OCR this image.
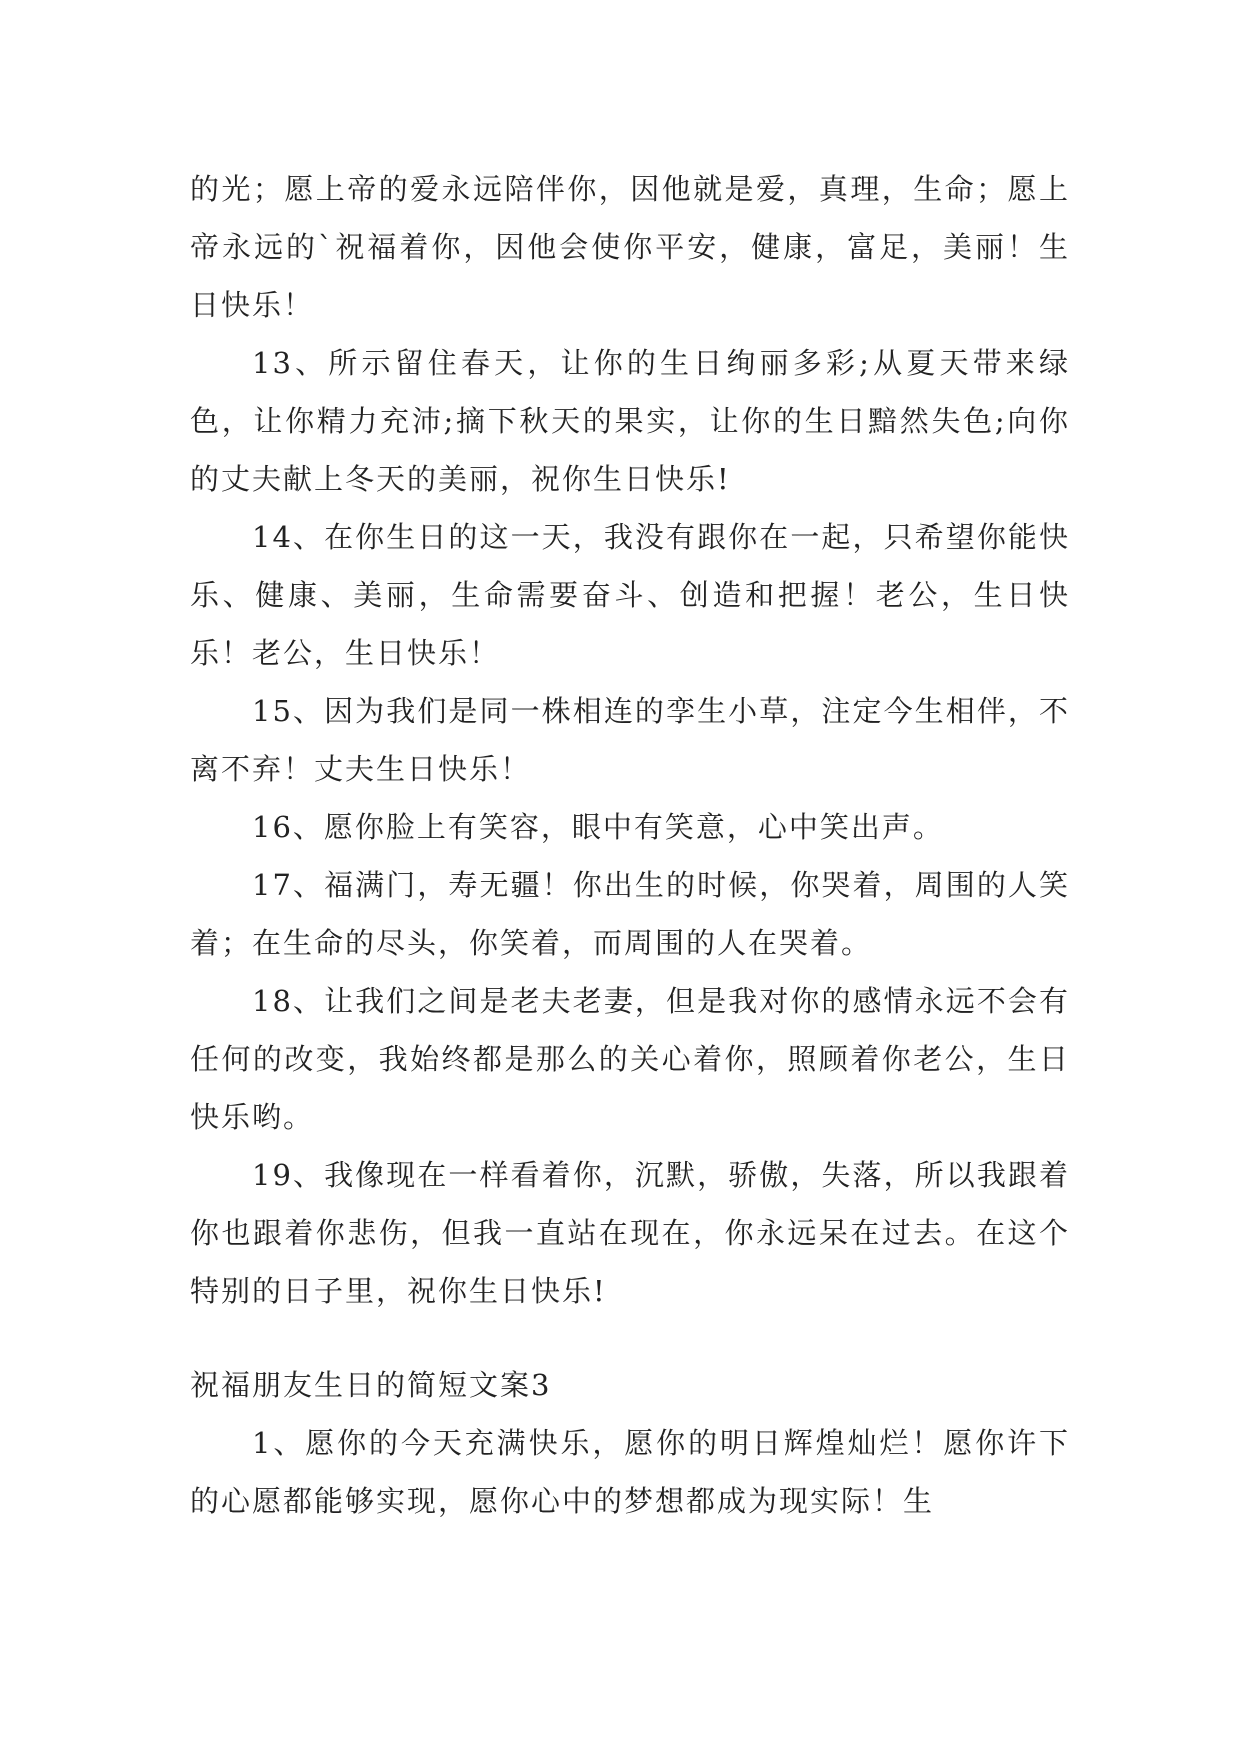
的光；愿上帝的爱永远陪伴你，因他就是爱，真理，生命；愿上帝永远的`祝福着你，因他会使你平安，健康，富足，美丽！生日快乐！

13、所示留住春天，让你的生日绚丽多彩;从夏天带来绿色，让你精力充沛;摘下秋天的果实，让你的生日黯然失色;向你的丈夫献上冬天的美丽，祝你生日快乐!

14、在你生日的这一天，我没有跟你在一起，只希望你能快乐、健康、美丽，生命需要奋斗、创造和把握！老公，生日快乐！老公，生日快乐！

15、因为我们是同一株相连的孪生小草，注定今生相伴，不离不弃！丈夫生日快乐！

16、愿你脸上有笑容，眼中有笑意，心中笑出声。

17、福满门，寿无疆！你出生的时候，你哭着，周围的人笑着；在生命的尽头，你笑着，而周围的人在哭着。

18、让我们之间是老夫老妻，但是我对你的感情永远不会有任何的改变，我始终都是那么的关心着你，照顾着你老公，生日快乐哟。

19、我像现在一样看着你，沉默，骄傲，失落，所以我跟着你也跟着你悲伤，但我一直站在现在，你永远呆在过去。在这个特别的日子里，祝你生日快乐!

祝福朋友生日的简短文案3

1、愿你的今天充满快乐，愿你的明日辉煌灿烂！愿你许下的心愿都能够实现，愿你心中的梦想都成为现实际！生
